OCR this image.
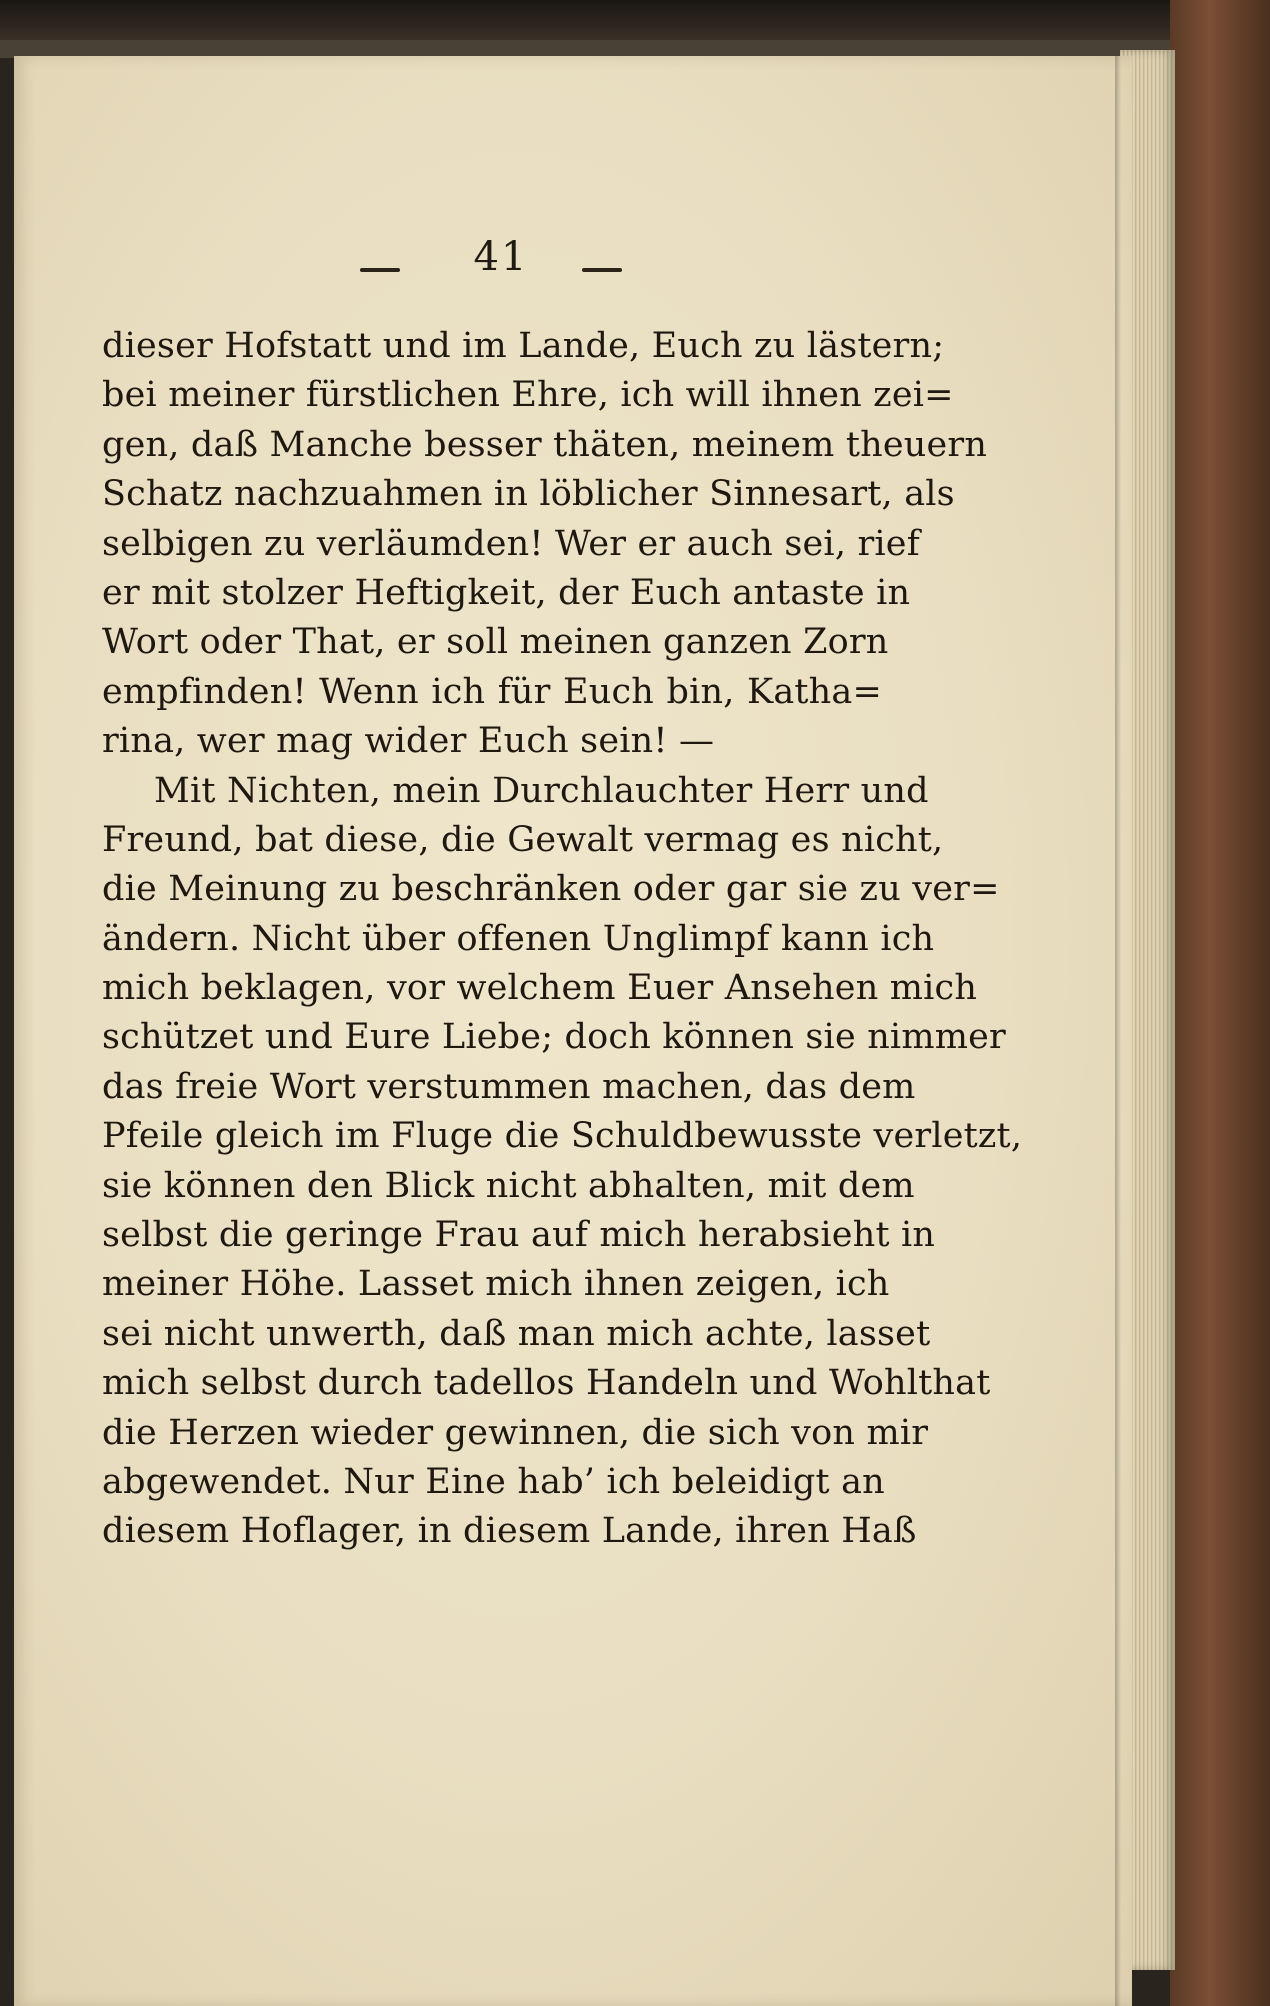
41
dieser Hofstatt und im Lande, Euch zu lästern;
bei meiner fürstlichen Ehre, ich will ihnen zei=
gen, daß Manche besser thäten, meinem theuern
Schatz nachzuahmen in löblicher Sinnesart, als
selbigen zu verläumden! Wer er auch sei, rief
er mit stolzer Heftigkeit, der Euch antaste in
Wort oder That, er soll meinen ganzen Zorn
empfinden! Wenn ich für Euch bin, Katha=
rina, wer mag wider Euch sein! —
Mit Nichten, mein Durchlauchter Herr und
Freund, bat diese, die Gewalt vermag es nicht,
die Meinung zu beschränken oder gar sie zu ver=
ändern. Nicht über offenen Unglimpf kann ich
mich beklagen, vor welchem Euer Ansehen mich
schützet und Eure Liebe; doch können sie nimmer
das freie Wort verstummen machen, das dem
Pfeile gleich im Fluge die Schuldbewusste verletzt,
sie können den Blick nicht abhalten, mit dem
selbst die geringe Frau auf mich herabsieht in
meiner Höhe. Lasset mich ihnen zeigen, ich
sei nicht unwerth, daß man mich achte, lasset
mich selbst durch tadellos Handeln und Wohlthat
die Herzen wieder gewinnen, die sich von mir
abgewendet. Nur Eine hab’ ich beleidigt an
diesem Hoflager, in diesem Lande, ihren Haß
